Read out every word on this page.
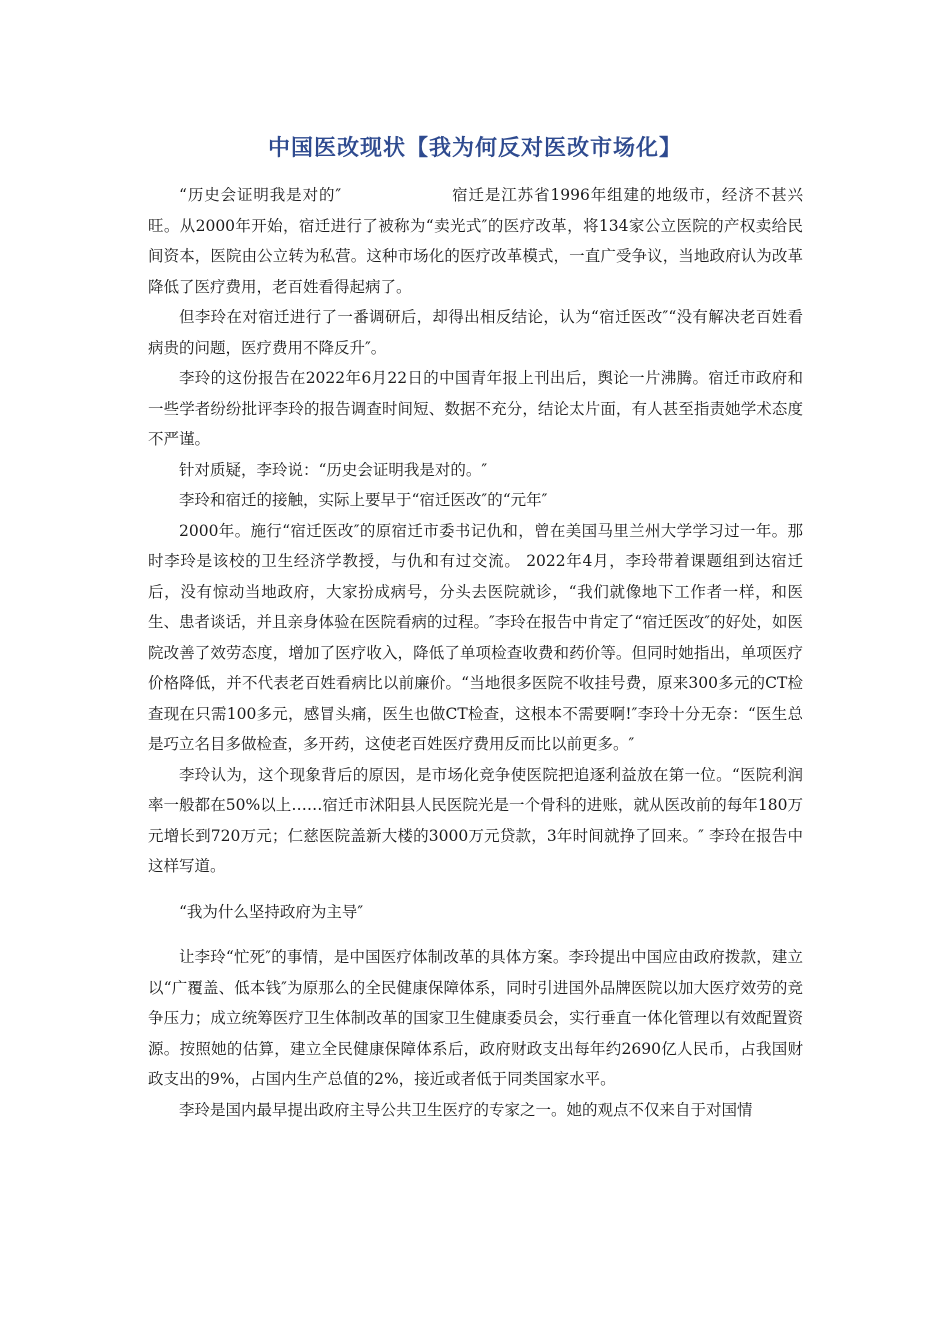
中国医改现状【我为何反对医改市场化】

“历史会证明我是对的″	宿迁是江苏省1996年组建的地级市，经济不甚兴旺。从2000年开始，宿迁进行了被称为“卖光式″的医疗改革，将134家公立医院的产权卖给民间资本，医院由公立转为私营。这种市场化的医疗改革模式，一直广受争议，当地政府认为改革降低了医疗费用，老百姓看得起病了。

但李玲在对宿迁进行了一番调研后，却得出相反结论，认为“宿迁医改″“没有解决老百姓看病贵的问题，医疗费用不降反升″。

李玲的这份报告在2022年6月22日的中国青年报上刊出后，舆论一片沸腾。宿迁市政府和一些学者纷纷批评李玲的报告调查时间短、数据不充分，结论太片面，有人甚至指责她学术态度不严谨。

针对质疑，李玲说：“历史会证明我是对的。″

李玲和宿迁的接触，实际上要早于“宿迁医改″的“元年″

2000年。施行“宿迁医改″的原宿迁市委书记仇和，曾在美国马里兰州大学学习过一年。那时李玲是该校的卫生经济学教授，与仇和有过交流。 2022年4月，李玲带着课题组到达宿迁后，没有惊动当地政府，大家扮成病号，分头去医院就诊，“我们就像地下工作者一样，和医生、患者谈话，并且亲身体验在医院看病的过程。″李玲在报告中肯定了“宿迁医改″的好处，如医院改善了效劳态度，增加了医疗收入，降低了单项检查收费和药价等。但同时她指出，单项医疗价格降低，并不代表老百姓看病比以前廉价。“当地很多医院不收挂号费，原来300多元的CT检查现在只需100多元，感冒头痛，医生也做CT检查，这根本不需要啊!″李玲十分无奈：“医生总是巧立名目多做检查，多开药，这使老百姓医疗费用反而比以前更多。″

李玲认为，这个现象背后的原因，是市场化竞争使医院把追逐利益放在第一位。“医院利润率一般都在50%以上……宿迁市沭阳县人民医院光是一个骨科的进账，就从医改前的每年180万元增长到720万元；仁慈医院盖新大楼的3000万元贷款，3年时间就挣了回来。″ 李玲在报告中这样写道。

“我为什么坚持政府为主导″

让李玲“忙死″的事情，是中国医疗体制改革的具体方案。李玲提出中国应由政府拨款，建立以“广覆盖、低本钱″为原那么的全民健康保障体系，同时引进国外品牌医院以加大医疗效劳的竞争压力；成立统筹医疗卫生体制改革的国家卫生健康委员会，实行垂直一体化管理以有效配置资源。按照她的估算，建立全民健康保障体系后，政府财政支出每年约2690亿人民币，占我国财政支出的9%，占国内生产总值的2%，接近或者低于同类国家水平。

李玲是国内最早提出政府主导公共卫生医疗的专家之一。她的观点不仅来自于对国情
